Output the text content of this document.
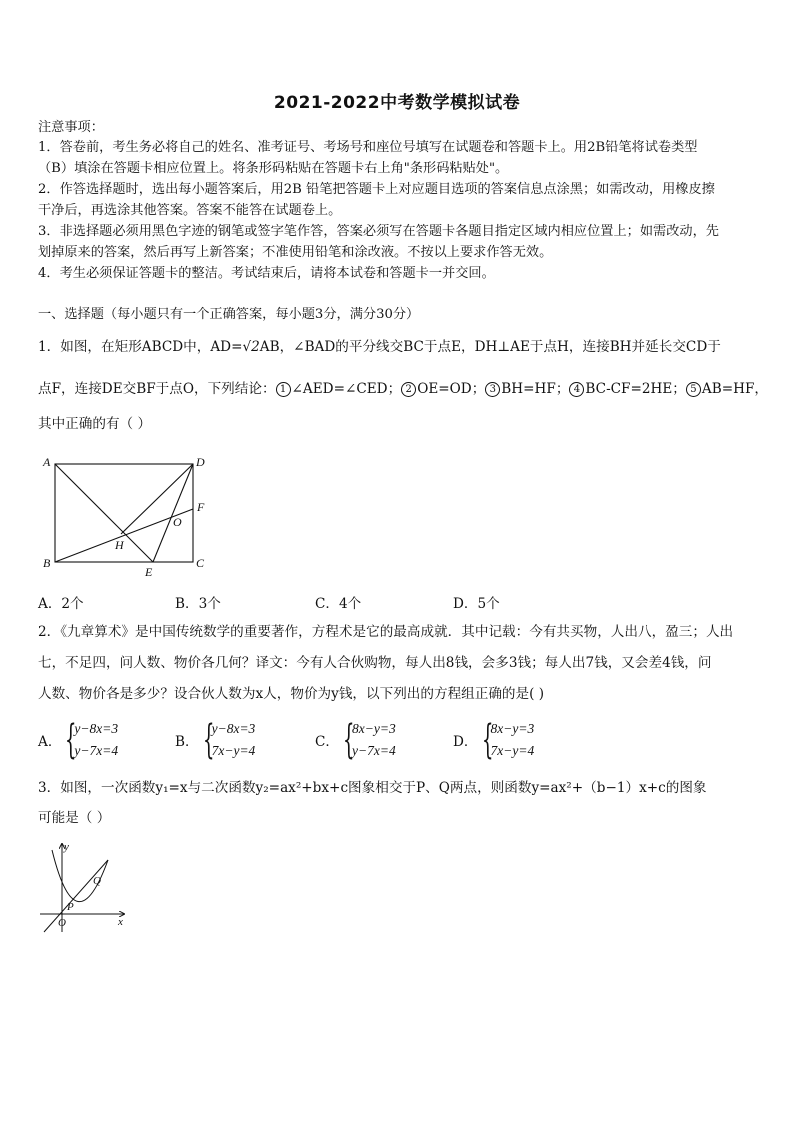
2021-2022中考数学模拟试卷
注意事项：
1．答卷前，考生务必将自己的姓名、准考证号、考场号和座位号填写在试题卷和答题卡上。用2B铅笔将试卷类型
（B）填涂在答题卡相应位置上。将条形码粘贴在答题卡右上角"条形码粘贴处"。
2．作答选择题时，选出每小题答案后，用2B 铅笔把答题卡上对应题目选项的答案信息点涂黑；如需改动，用橡皮擦
干净后，再选涂其他答案。答案不能答在试题卷上。
3．非选择题必须用黑色字迹的钢笔或签字笔作答，答案必须写在答题卡各题目指定区域内相应位置上；如需改动，先
划掉原来的答案，然后再写上新答案；不准使用铅笔和涂改液。不按以上要求作答无效。
4．考生必须保证答题卡的整洁。考试结束后，请将本试卷和答题卡一并交回。
一、选择题（每小题只有一个正确答案，每小题3分，满分30分）
1．如图，在矩形ABCD中，AD=√2AB，∠BAD的平分线交BC于点E，DH⊥AE于点H，连接BH并延长交CD于
点F，连接DE交BF于点O，下列结论： 1 ∠AED=∠CED； 2 OE=OD； 3 BH=HF； 4 BC-CF=2HE； 5 AB=HF，
其中正确的有（ ）
A	D
F
O
H
B
E
C
A．2个	B．3个	C．4个	D．5个
2．《九章算术》是中国传统数学的重要著作，方程术是它的最高成就．其中记载：今有共买物，人出八，盈三；人出
七，不足四，问人数、物价各几何？译文：今有人合伙购物，每人出8钱，会多3钱；每人出7钱，又会差4钱，问
人数、物价各是多少？设合伙人数为x人，物价为y钱，以下列出的方程组正确的是( )
A． {
y−8x=3
y−7x=4
B． {
y−8x=3
7x−y=4
C． {
8x−y=3
y−7x=4
D． {
8x−y=3
7x−y=4
3．如图，一次函数y₁=x与二次函数y₂=ax²+bx+c图象相交于P、Q两点，则函数y=ax²+（b−1）x+c的图象
可能是（ ）
y
x
O
P
Q
